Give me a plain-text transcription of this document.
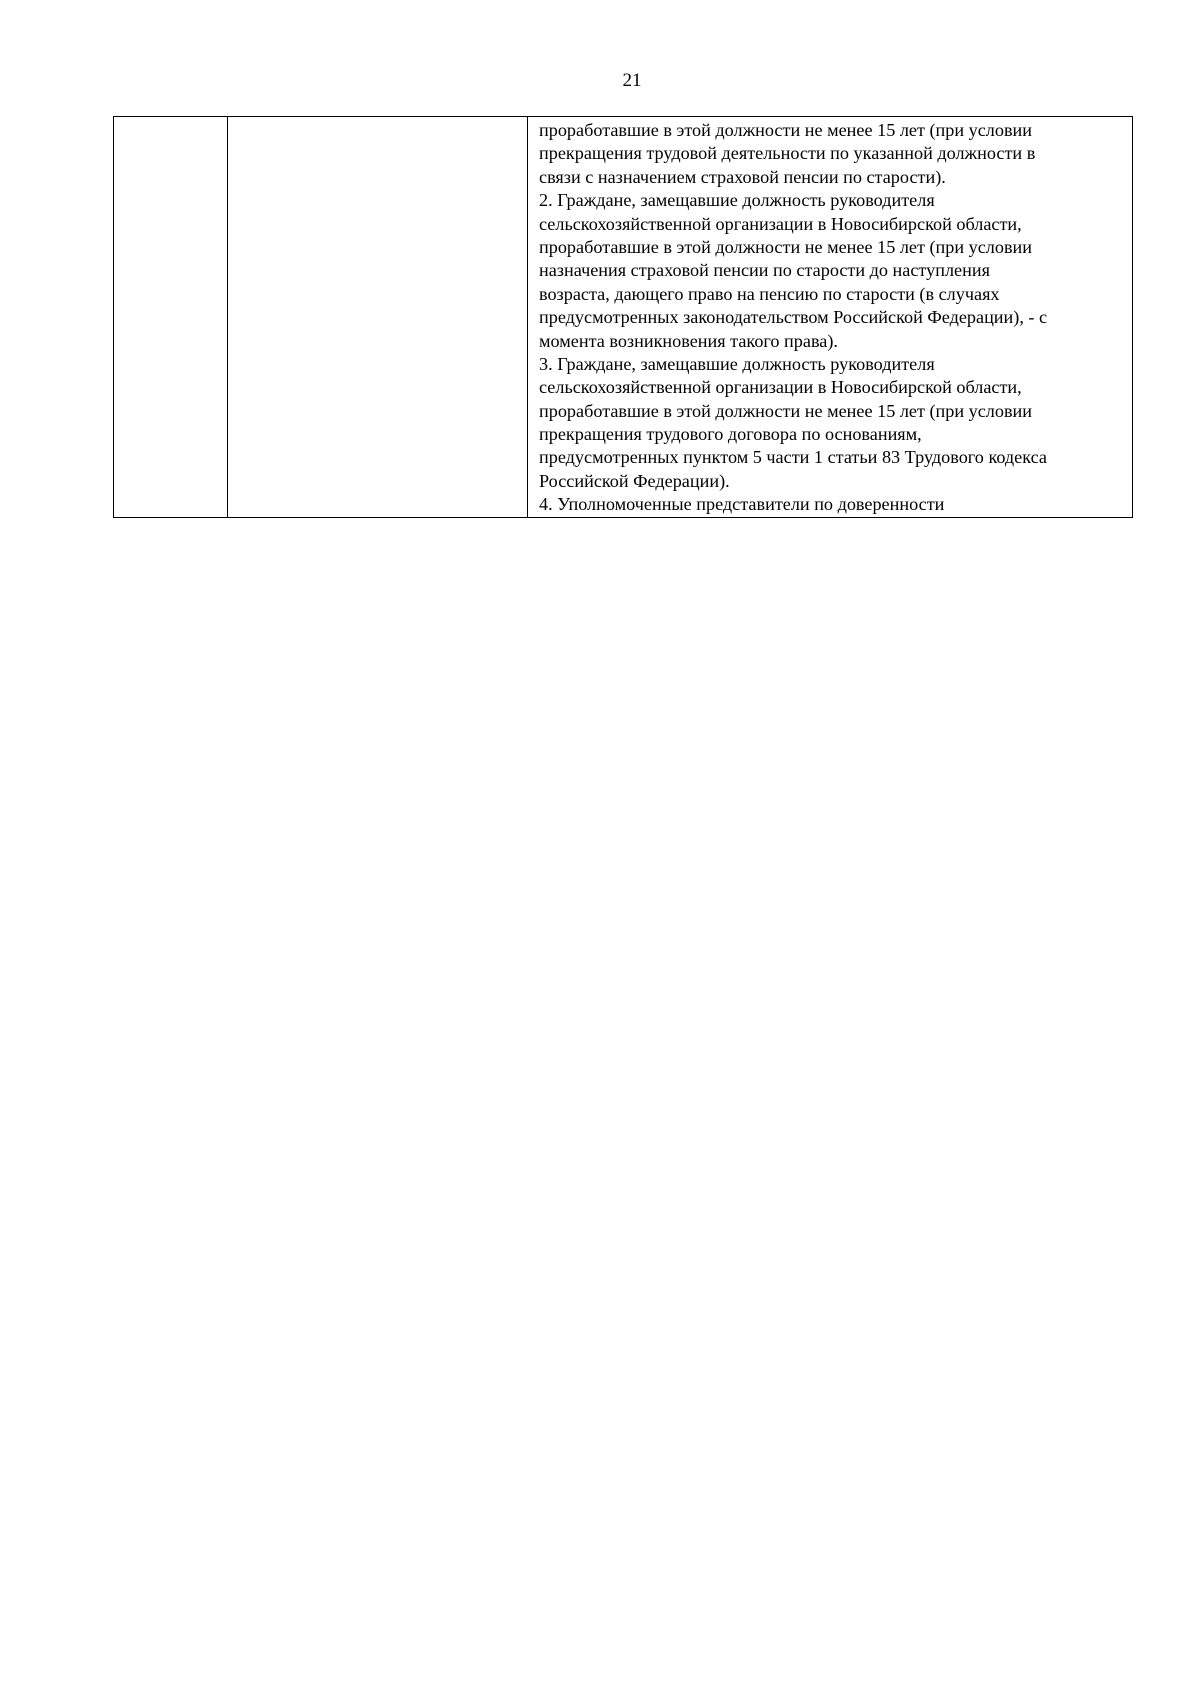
21

проработавшие в этой должности не менее 15 лет (при условии
прекращения трудовой деятельности по указанной должности в
связи с назначением страховой пенсии по старости).
2. Граждане, замещавшие должность руководителя
сельскохозяйственной организации в Новосибирской области,
проработавшие в этой должности не менее 15 лет (при условии
назначения страховой пенсии по старости до наступления
возраста, дающего право на пенсию по старости (в случаях
предусмотренных законодательством Российской Федерации), - с
момента возникновения такого права).
3. Граждане, замещавшие должность руководителя
сельскохозяйственной организации в Новосибирской области,
проработавшие в этой должности не менее 15 лет (при условии
прекращения трудового договора по основаниям,
предусмотренных пунктом 5 части 1 статьи 83 Трудового кодекса
Российской Федерации).
4. Уполномоченные представители по доверенности
